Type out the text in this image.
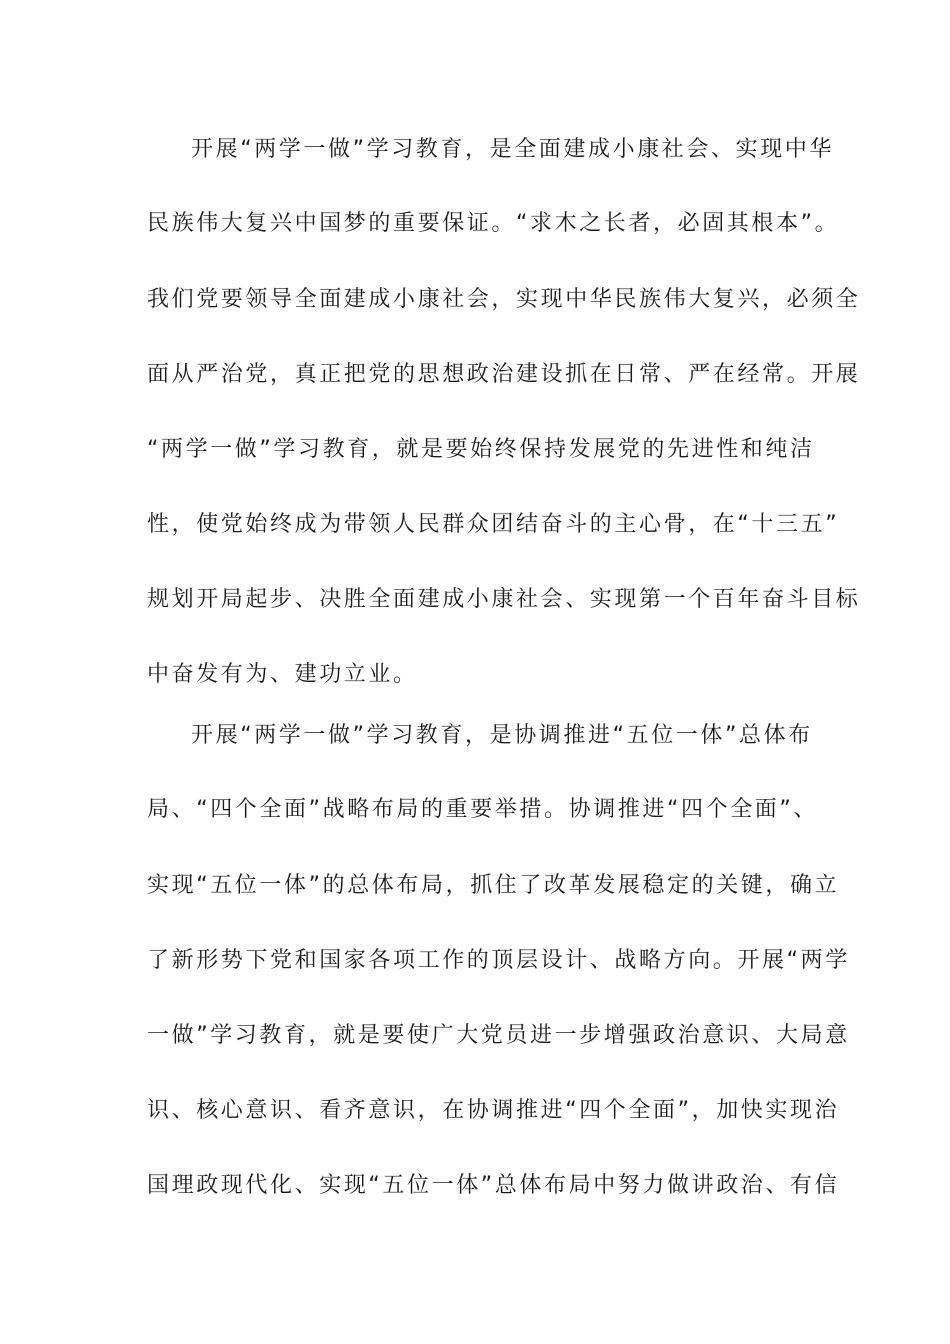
开展“两学一做”学习教育，是全面建成小康社会、实现中华

民族伟大复兴中国梦的重要保证。“求木之长者，必固其根本”。

我们党要领导全面建成小康社会，实现中华民族伟大复兴，必须全

面从严治党，真正把党的思想政治建设抓在日常、严在经常。开展

“两学一做”学习教育，就是要始终保持发展党的先进性和纯洁

性，使党始终成为带领人民群众团结奋斗的主心骨，在“十三五”

规划开局起步、决胜全面建成小康社会、实现第一个百年奋斗目标

中奋发有为、建功立业。

开展“两学一做”学习教育，是协调推进“五位一体”总体布

局、“四个全面”战略布局的重要举措。协调推进“四个全面”、

实现“五位一体”的总体布局，抓住了改革发展稳定的关键，确立

了新形势下党和国家各项工作的顶层设计、战略方向。开展“两学

一做”学习教育，就是要使广大党员进一步增强政治意识、大局意

识、核心意识、看齐意识，在协调推进“四个全面”，加快实现治

国理政现代化、实现“五位一体”总体布局中努力做讲政治、有信
